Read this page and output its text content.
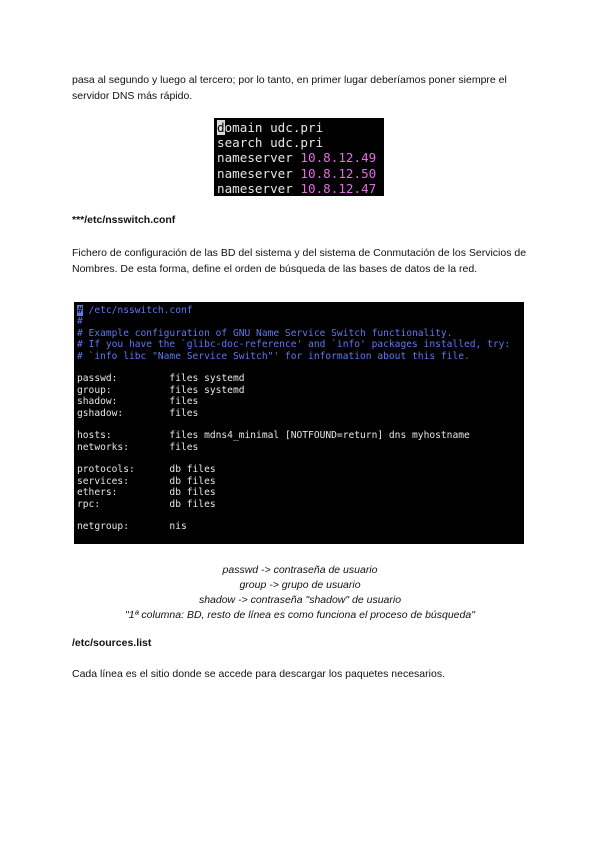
pasa al segundo y luego al tercero; por lo tanto, en primer lugar deberíamos poner siempre el servidor DNS más rápido.

domain udc.pri
search udc.pri
nameserver 10.8.12.49
nameserver 10.8.12.50
nameserver 10.8.12.47

***/etc/nsswitch.conf

Fichero de configuración de las BD del sistema y del sistema de Conmutación de los Servicios de Nombres. De esta forma, define el orden de búsqueda de las bases de datos de la red.

# /etc/nsswitch.conf
#
# Example configuration of GNU Name Service Switch functionality.
# If you have the `glibc-doc-reference' and `info' packages installed, try:
# `info libc "Name Service Switch"' for information about this file.
passwd:         files systemd
group:          files systemd
shadow:         files
gshadow:        files
hosts:          files mdns4_minimal [NOTFOUND=return] dns myhostname
networks:       files
protocols:      db files
services:       db files
ethers:         db files
rpc:            db files
netgroup:       nis
passwd -> contraseña de usuario
group -> grupo de usuario
shadow -> contraseña "shadow" de usuario
"1ª columna: BD, resto de línea es como funciona el proceso de búsqueda"

/etc/sources.list

Cada línea es el sitio donde se accede para descargar los paquetes necesarios.
